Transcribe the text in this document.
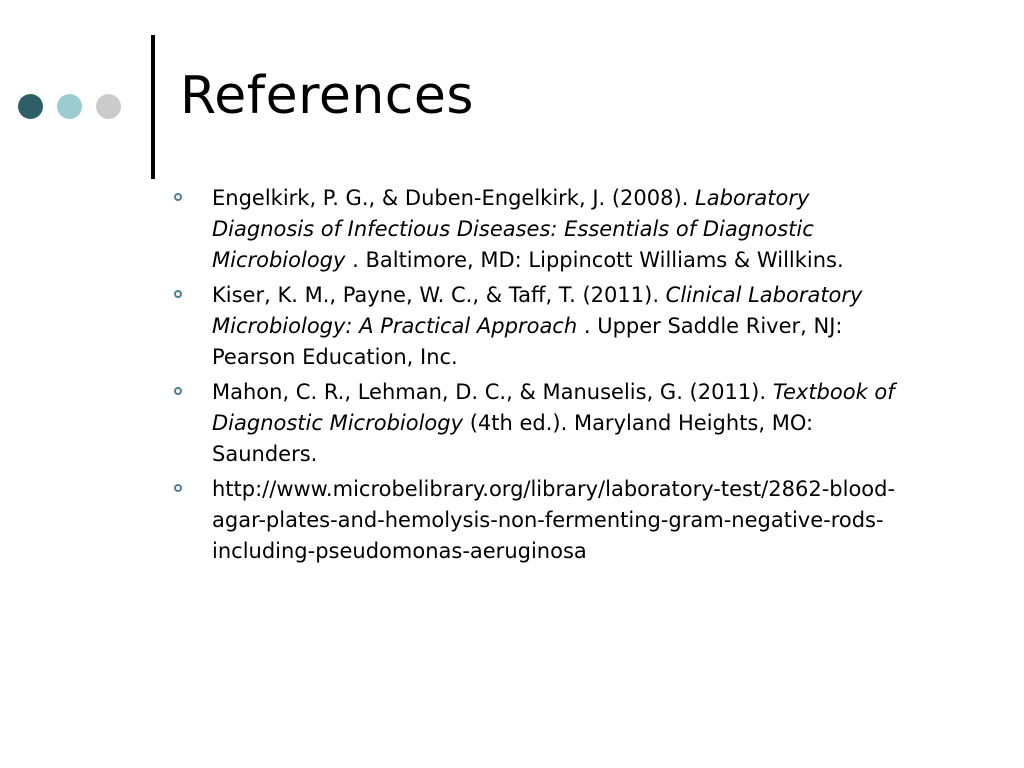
References
Engelkirk, P. G., & Duben-Engelkirk, J. (2008). Laboratory Diagnosis of Infectious Diseases: Essentials of Diagnostic Microbiology . Baltimore, MD: Lippincott Williams & Willkins.
Kiser, K. M., Payne, W. C., & Taff, T. (2011). Clinical Laboratory Microbiology: A Practical Approach . Upper Saddle River, NJ: Pearson Education, Inc.
Mahon, C. R., Lehman, D. C., & Manuselis, G. (2011). Textbook of Diagnostic Microbiology (4th ed.). Maryland Heights, MO: Saunders.
http://www.microbelibrary.org/library/laboratory-test/2862-blood-agar-plates-and-hemolysis-non-fermenting-gram-negative-rods-including-pseudomonas-aeruginosa
